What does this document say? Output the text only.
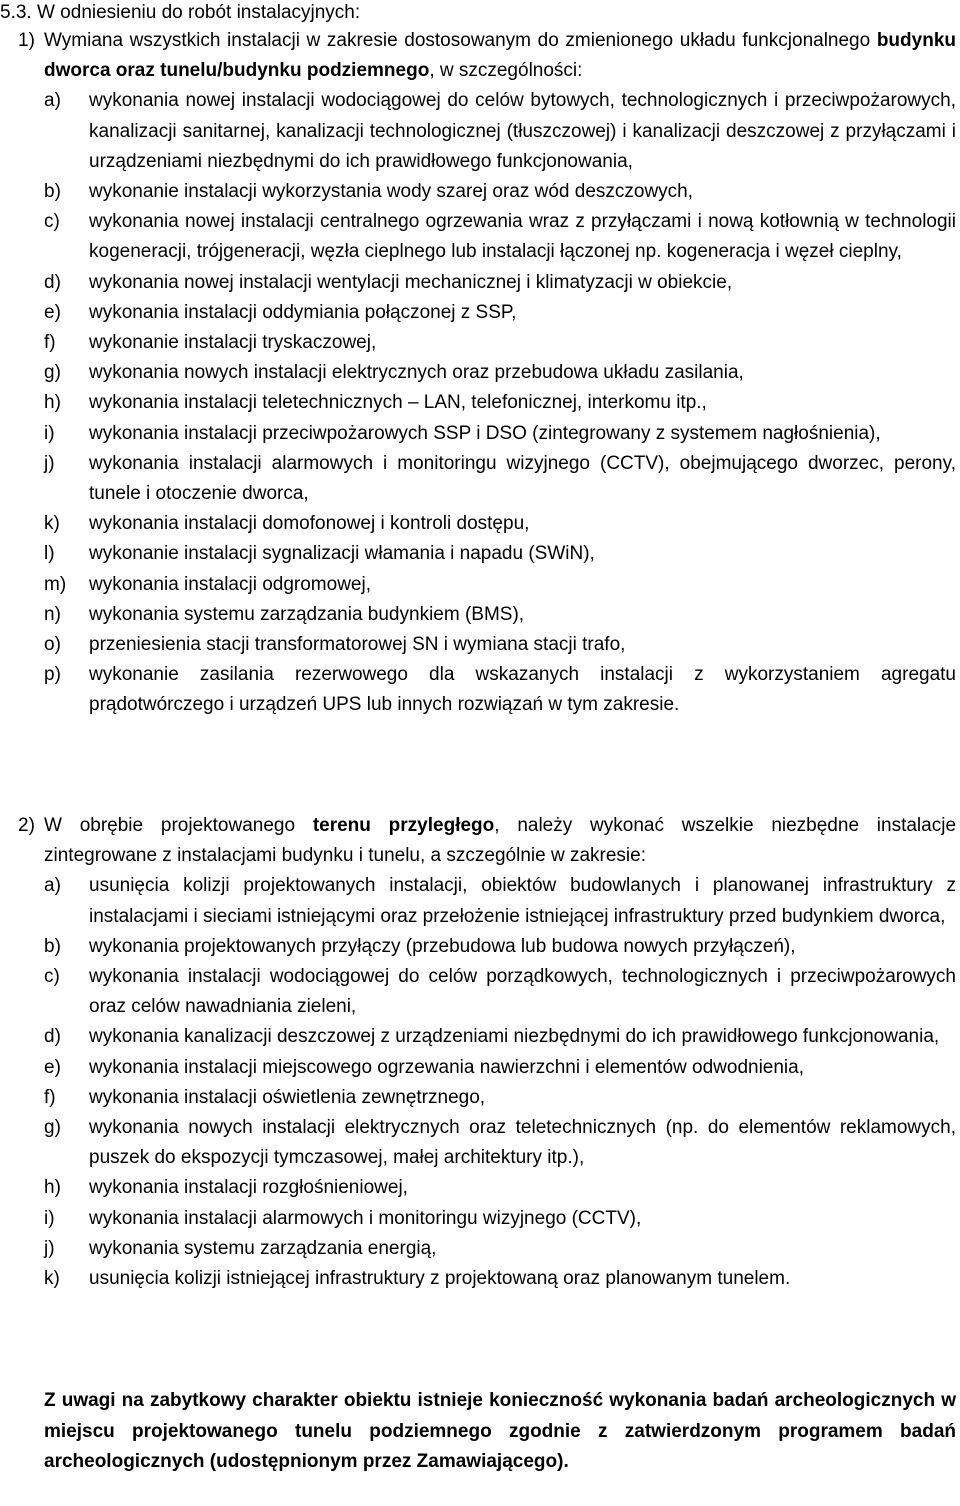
5.3. W odniesieniu do robót instalacyjnych:
1) Wymiana wszystkich instalacji w zakresie dostosowanym do zmienionego układu funkcjonalnego budynku dworca oraz tunelu/budynku podziemnego, w szczególności:
a)	wykonania nowej instalacji wodociągowej do celów bytowych, technologicznych i przeciwpożarowych, kanalizacji sanitarnej, kanalizacji technologicznej (tłuszczowej) i kanalizacji deszczowej z przyłączami i urządzeniami niezbędnymi do ich prawidłowego funkcjonowania,
b)	wykonanie instalacji wykorzystania wody szarej oraz wód deszczowych,
c)	wykonania nowej instalacji centralnego ogrzewania wraz z przyłączami i nową kotłownią w technologii kogeneracji, trójgeneracji, węzła cieplnego lub instalacji łączonej np. kogeneracja i węzeł cieplny,
d)	wykonania nowej instalacji wentylacji mechanicznej i klimatyzacji w obiekcie,
e)	wykonania instalacji oddymiania połączonej z SSP,
f)	wykonanie instalacji tryskaczowej,
g)	wykonania nowych instalacji elektrycznych oraz przebudowa układu zasilania,
h)	wykonania instalacji teletechnicznych – LAN, telefonicznej, interkomu itp.,
i)	wykonania instalacji przeciwpożarowych SSP i DSO (zintegrowany z systemem nagłośnienia),
j)	wykonania instalacji alarmowych i monitoringu wizyjnego (CCTV), obejmującego dworzec, perony, tunele i otoczenie dworca,
k)	wykonania instalacji domofonowej i kontroli dostępu,
l)	wykonanie instalacji sygnalizacji włamania i napadu (SWiN),
m)	wykonania instalacji odgromowej,
n)	wykonania systemu zarządzania budynkiem (BMS),
o)	przeniesienia stacji transformatorowej SN i wymiana stacji trafo,
p)	wykonanie zasilania rezerwowego dla wskazanych instalacji z wykorzystaniem agregatu prądotwórczego i urządzeń UPS lub innych rozwiązań w tym zakresie.
2) W obrębie projektowanego terenu przyległego, należy wykonać wszelkie niezbędne instalacje zintegrowane z instalacjami budynku i tunelu, a szczególnie w zakresie:
a)	usunięcia kolizji projektowanych instalacji, obiektów budowlanych i planowanej infrastruktury z instalacjami i sieciami istniejącymi oraz przełożenie istniejącej infrastruktury przed budynkiem dworca,
b)	wykonania projektowanych przyłączy (przebudowa lub budowa nowych przyłączeń),
c)	wykonania instalacji wodociągowej do celów porządkowych, technologicznych i przeciwpożarowych oraz celów nawadniania zieleni,
d)	wykonania kanalizacji deszczowej z urządzeniami niezbędnymi do ich prawidłowego funkcjonowania,
e)	wykonania instalacji miejscowego ogrzewania nawierzchni i elementów odwodnienia,
f)	wykonania instalacji oświetlenia zewnętrznego,
g)	wykonania nowych instalacji elektrycznych oraz teletechnicznych (np. do elementów reklamowych, puszek do ekspozycji tymczasowej, małej architektury itp.),
h)	wykonania instalacji rozgłośnieniowej,
i)	wykonania instalacji alarmowych i monitoringu wizyjnego (CCTV),
j)	wykonania systemu zarządzania energią,
k)	usunięcia kolizji istniejącej infrastruktury z projektowaną oraz planowanym tunelem.

Z uwagi na zabytkowy charakter obiektu istnieje konieczność wykonania badań archeologicznych w miejscu projektowanego tunelu podziemnego zgodnie z zatwierdzonym programem badań archeologicznych (udostępnionym przez Zamawiającego).
